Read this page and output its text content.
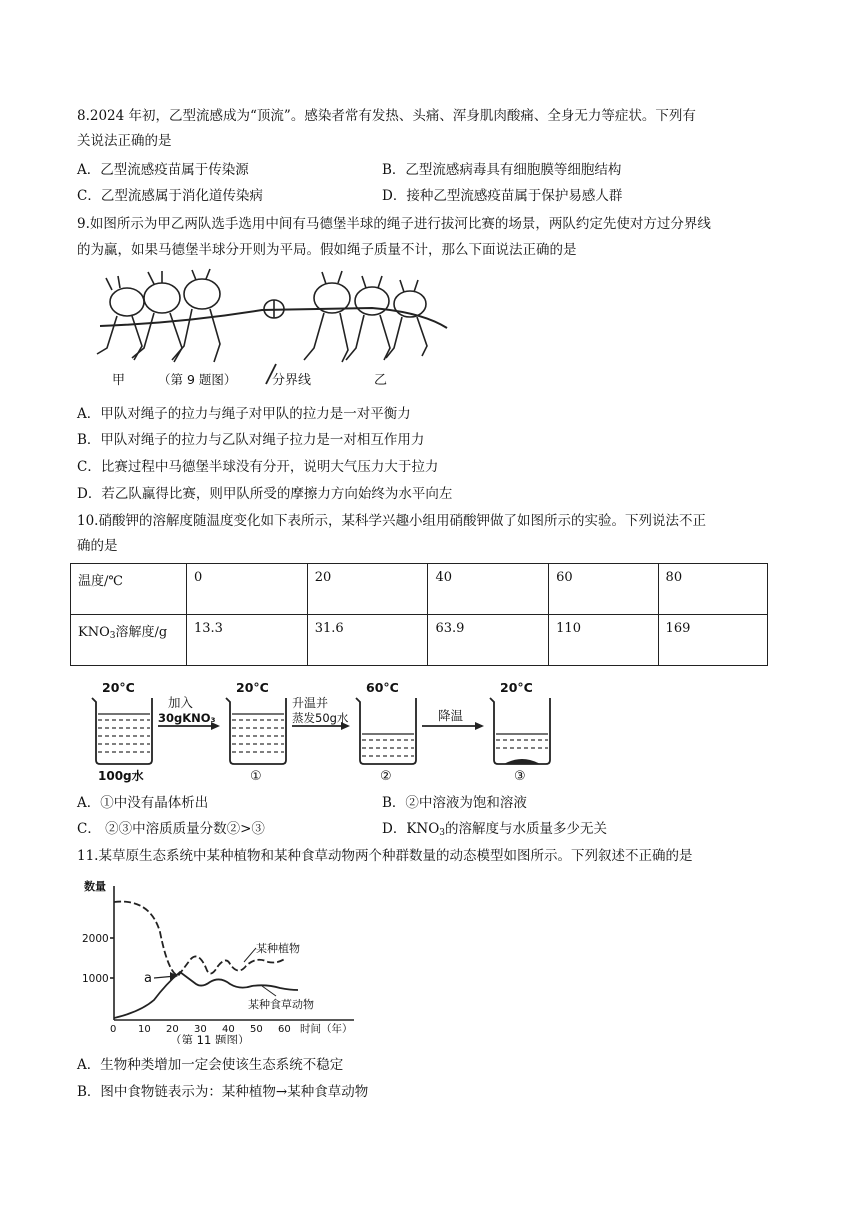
8.2024 年初，乙型流感成为“顶流”。感染者常有发热、头痛、浑身肌肉酸痛、全身无力等症状。下列有
关说法正确的是
A．乙型流感疫苗属于传染源	B．乙型流感病毒具有细胞膜等细胞结构
C．乙型流感属于消化道传染病	D．接种乙型流感疫苗属于保护易感人群
9.如图所示为甲乙两队选手选用中间有马德堡半球的绳子进行拔河比赛的场景，两队约定先使对方过分界线
的为赢，如果马德堡半球分开则为平局。假如绳子质量不计，那么下面说法正确的是
甲	（第 9 题图）	分界线	乙
A．甲队对绳子的拉力与绳子对甲队的拉力是一对平衡力
B．甲队对绳子的拉力与乙队对绳子拉力是一对相互作用力
C．比赛过程中马德堡半球没有分开，说明大气压力大于拉力
D．若乙队赢得比赛，则甲队所受的摩擦力方向始终为水平向左
10.硝酸钾的溶解度随温度变化如下表所示，某科学兴趣小组用硝酸钾做了如图所示的实验。下列说法不正
确的是
温度/℃	0	20	40	60	80
$KNO_3$溶解度/g	13.3	31.6	63.9	110	169
20°C
100g水
加入
30gKNO₃
20°C
①
升温并
蒸发50g水
60°C
②
降温
20°C
③
A．①中没有晶体析出	B．②中溶液为饱和溶液
C． ②③中溶质质量分数②>③	D．$KNO_3$的溶解度与水质量多少无关
11.某草原生态系统中某种植物和某种食草动物两个种群数量的动态模型如图所示。下列叙述不正确的是
数量
2000
1000	a
某种植物
某种食草动物
0 10 20 30 40 50 60 时间（年）
（第 11 题图）
A．生物种类增加一定会使该生态系统不稳定
B．图中食物链表示为：某种植物→某种食草动物
